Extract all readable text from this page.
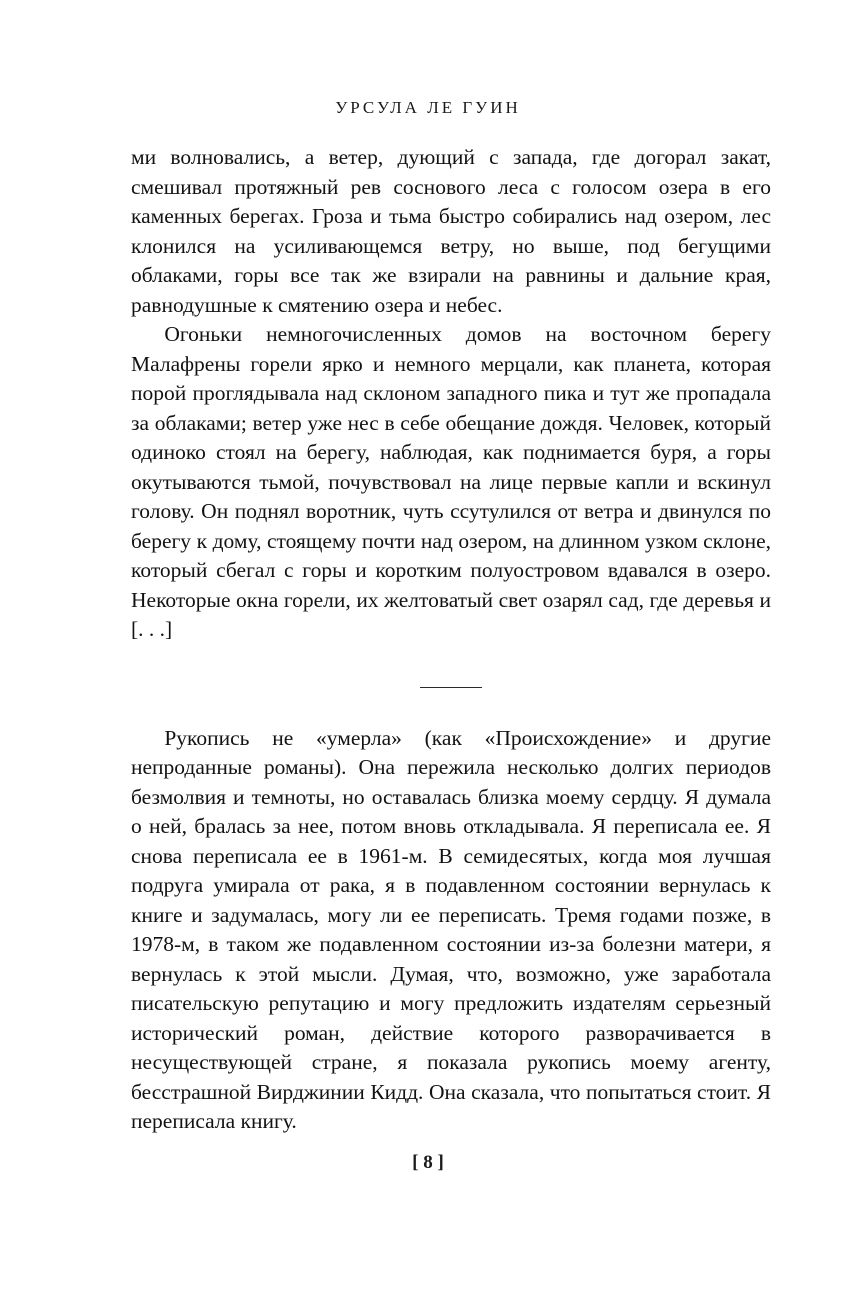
УРСУЛА ЛЕ ГУИН

ми волновались, а ветер, дующий с запада, где догорал закат, смешивал протяжный рев соснового леса с голосом озера в его каменных берегах. Гроза и тьма быстро собирались над озером, лес клонился на усиливающемся ветру, но выше, под бегущими облаками, горы все так же взирали на равнины и дальние края, равнодушные к смятению озера и небес.

Огоньки немногочисленных домов на восточном берегу Малафрены горели ярко и немного мерцали, как планета, которая порой проглядывала над склоном западного пика и тут же пропадала за облаками; ветер уже нес в себе обещание дождя. Человек, который одиноко стоял на берегу, наблюдая, как поднимается буря, а горы окутываются тьмой, почувствовал на лице первые капли и вскинул голову. Он поднял воротник, чуть ссутулился от ветра и двинулся по берегу к дому, стоящему почти над озером, на длинном узком склоне, который сбегал с горы и коротким полуостровом вдавался в озеро. Некоторые окна горели, их желтоватый свет озарял сад, где деревья и [. . .]

Рукопись не «умерла» (как «Происхождение» и другие непроданные романы). Она пережила несколько долгих периодов безмолвия и темноты, но оставалась близка моему сердцу. Я думала о ней, бралась за нее, потом вновь откладывала. Я переписала ее. Я снова переписала ее в 1961-м. В семидесятых, когда моя лучшая подруга умирала от рака, я в подавленном состоянии вернулась к книге и задумалась, могу ли ее переписать. Тремя годами позже, в 1978-м, в таком же подавленном состоянии из-за болезни матери, я вернулась к этой мысли. Думая, что, возможно, уже заработала писательскую репутацию и могу предложить издателям серьезный исторический роман, действие которого разворачивается в несуществующей стране, я показала рукопись моему агенту, бесстрашной Вирджинии Кидд. Она сказала, что попытаться стоит. Я переписала книгу.

[ 8 ]
